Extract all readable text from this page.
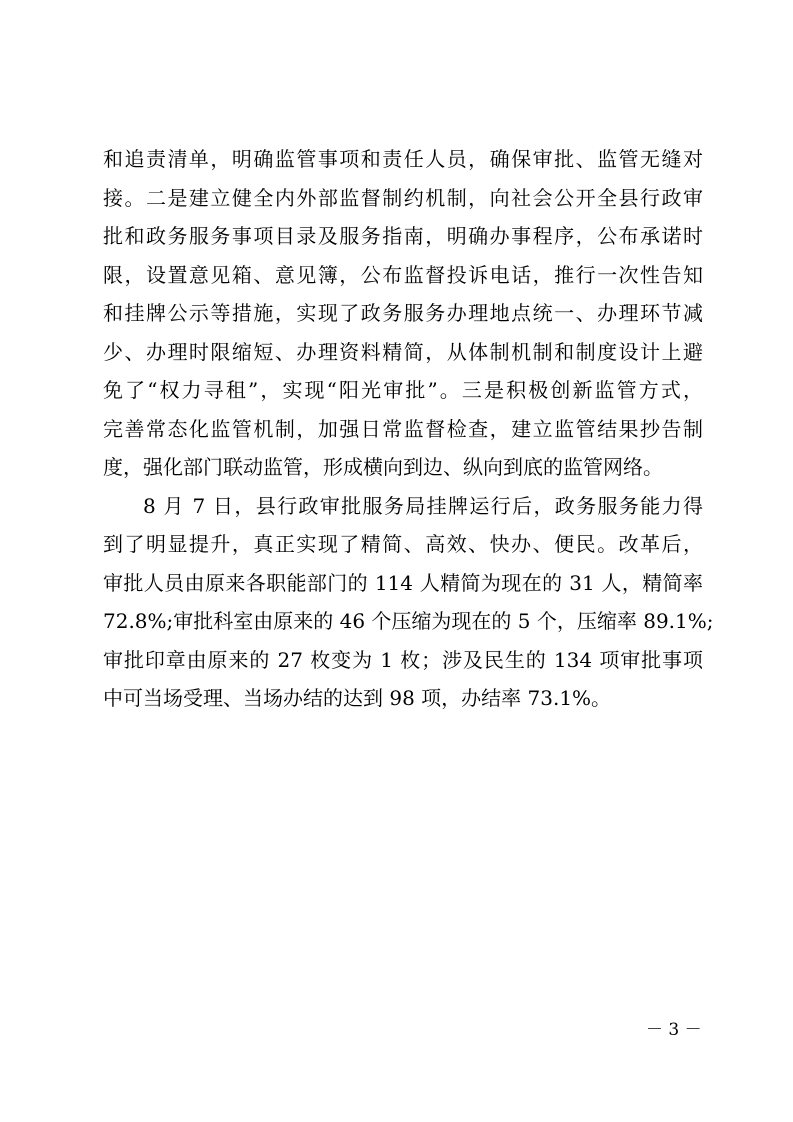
和追责清单，明确监管事项和责任人员，确保审批、监管无缝对
接。二是建立健全内外部监督制约机制，向社会公开全县行政审
批和政务服务事项目录及服务指南，明确办事程序，公布承诺时
限，设置意见箱、意见簿，公布监督投诉电话，推行一次性告知
和挂牌公示等措施，实现了政务服务办理地点统一、办理环节减
少、办理时限缩短、办理资料精简，从体制机制和制度设计上避
免了“权力寻租”，实现“阳光审批”。三是积极创新监管方式，
完善常态化监管机制，加强日常监督检查，建立监管结果抄告制
度，强化部门联动监管，形成横向到边、纵向到底的监管网络。
8 月 7 日，县行政审批服务局挂牌运行后，政务服务能力得
到了明显提升，真正实现了精简、高效、快办、便民。改革后，
审批人员由原来各职能部门的 114 人精简为现在的 31 人，精简率
72.8%;审批科室由原来的 46 个压缩为现在的 5 个，压缩率 89.1%;
审批印章由原来的 27 枚变为 1 枚；涉及民生的 134 项审批事项
中可当场受理、当场办结的达到 98 项，办结率 73.1%。
－ 3 －
